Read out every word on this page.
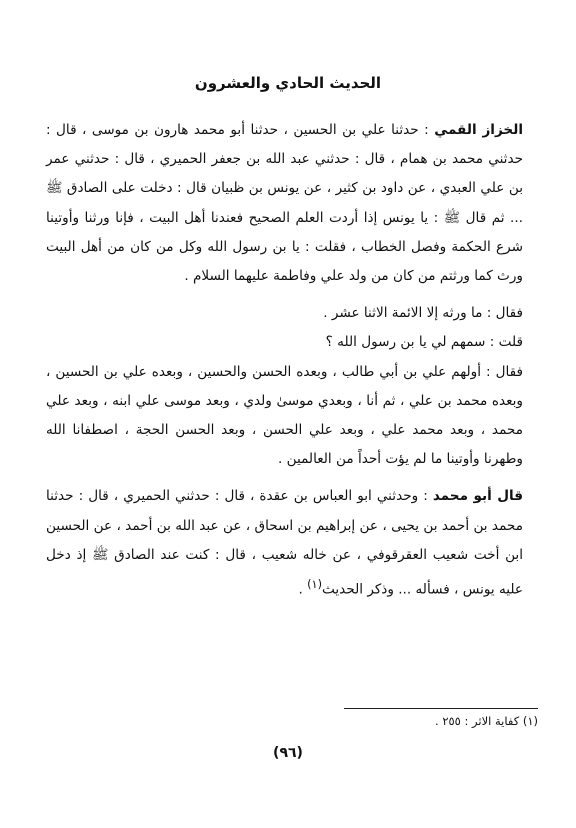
الحديث الحادي والعشرون

الخزاز القمي : حدثنا علي بن الحسين ، حدثنا أبو محمد هارون بن موسى ، قال : حدثني محمد بن همام ، قال : حدثني عبد الله بن جعفر الحميري ، قال : حدثني عمر بن علي العبدي ، عن داود بن كثير ، عن يونس بن ظبيان قال : دخلت على الصادق ﷺ ... ثم قال ﷺ : يا يونس إذا أردت العلم الصحيح فعندنا أهل البيت ، فإنا ورثنا وأوتينا شرع الحكمة وفصل الخطاب ، فقلت : يا بن رسول الله وكل من كان من أهل البيت ورث كما ورثتم من كان من ولد علي وفاطمة عليهما السلام .

فقال : ما ورثه إلا الائمة الاثنا عشر .

قلت : سمهم لي يا بن رسول الله ؟

فقال : أولهم علي بن أبي طالب ، وبعده الحسن والحسين ، وبعده علي بن الحسين ، وبعده محمد بن علي ، ثم أنا ، وبعدي موسىٰ ولدي ، وبعد موسى علي ابنه ، وبعد علي محمد ، وبعد محمد علي ، وبعد علي الحسن ، وبعد الحسن الحجة ، اصطفانا الله وطهرنا وأوتينا ما لم يؤت أحداً من العالمين .

قال أبو محمد : وحدثني ابو العباس بن عقدة ، قال : حدثني الحميري ، قال : حدثنا محمد بن أحمد بن يحيى ، عن إبراهيم بن اسحاق ، عن عبد الله بن أحمد ، عن الحسين ابن أخت شعيب العقرقوفي ، عن خاله شعيب ، قال : كنت عند الصادق ﷺ إذ دخل عليه يونس ، فسأله ... وذكر الحديث$^{(١)}$ .

(١) كفاية الاثر : ٢٥٥ .
(٩٦)
